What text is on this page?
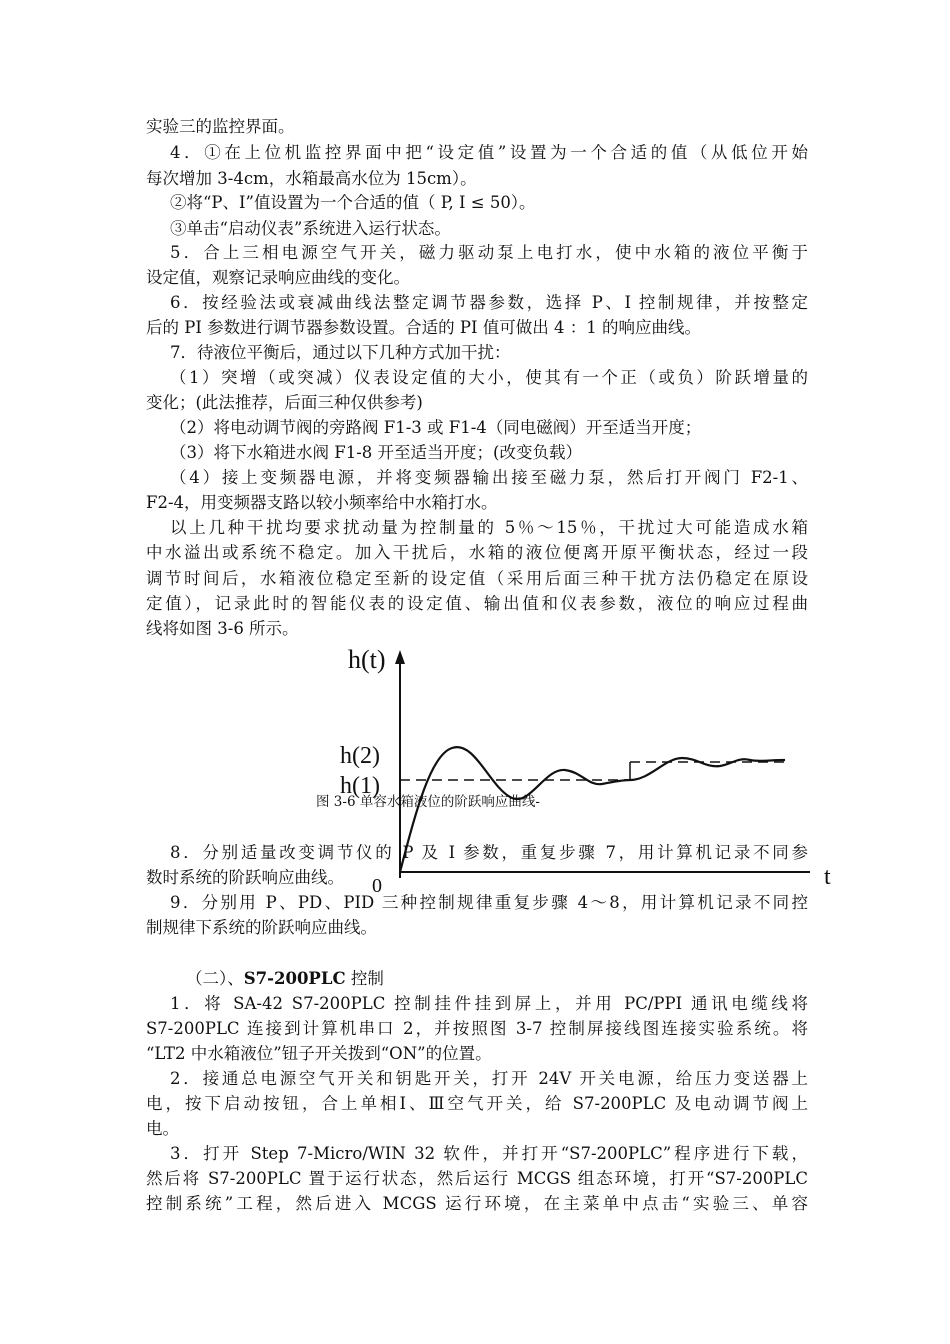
实验三的监控界面。
4．①在上位机监控界面中把“设定值”设置为一个合适的值（从低位开始
每次增加 3-4cm，水箱最高水位为 15cm）。
②将“P、I”值设置为一个合适的值（ P, I ≤ 50）。
③单击“启动仪表”系统进入运行状态。
5．合上三相电源空气开关，磁力驱动泵上电打水，使中水箱的液位平衡于
设定值，观察记录响应曲线的变化。
6．按经验法或衰减曲线法整定调节器参数，选择 P、I 控制规律，并按整定
后的 PI 参数进行调节器参数设置。合适的 PI 值可做出 4 ：1 的响应曲线。
7．待液位平衡后，通过以下几种方式加干扰：
（1）突增（或突减）仪表设定值的大小，使其有一个正（或负）阶跃增量的
变化；(此法推荐，后面三种仅供参考)
（2）将电动调节阀的旁路阀 F1-3 或 F1-4（同电磁阀）开至适当开度；
（3）将下水箱进水阀 F1-8 开至适当开度；(改变负载）
（4）接上变频器电源，并将变频器输出接至磁力泵，然后打开阀门 F2-1、
F2-4，用变频器支路以较小频率给中水箱打水。
以上几种干扰均要求扰动量为控制量的 5％～15％，干扰过大可能造成水箱
中水溢出或系统不稳定。加入干扰后，水箱的液位便离开原平衡状态，经过一段
调节时间后，水箱液位稳定至新的设定值（采用后面三种干扰方法仍稳定在原设
定值），记录此时的智能仪表的设定值、输出值和仪表参数，液位的响应过程曲
线将如图 3-6 所示。
h(t)
h(2)
h(1)
0	t
图 3-6 单容水箱液位的阶跃响应曲线-
8．分别适量改变调节仪的 P 及 I 参数，重复步骤 7，用计算机记录不同参
数时系统的阶跃响应曲线。
9．分别用 P、PD、PID 三种控制规律重复步骤 4～8，用计算机记录不同控
制规律下系统的阶跃响应曲线。
（二）、S7-200PLC 控制
1．将 SA-42 S7-200PLC 控制挂件挂到屏上，并用 PC/PPI 通讯电缆线将
S7-200PLC 连接到计算机串口 2，并按照图 3-7 控制屏接线图连接实验系统。将
“LT2 中水箱液位”钮子开关拨到“ON”的位置。
2．接通总电源空气开关和钥匙开关，打开 24V 开关电源，给压力变送器上
电，按下启动按钮，合上单相Ⅰ、Ⅲ空气开关，给 S7-200PLC 及电动调节阀上
电。
3．打开 Step 7-Micro/WIN 32 软件，并打开“S7-200PLC”程序进行下载，
然后将 S7-200PLC 置于运行状态，然后运行 MCGS 组态环境，打开“S7-200PLC
控制系统”工程，然后进入 MCGS 运行环境，在主菜单中点击“实验三、单容
